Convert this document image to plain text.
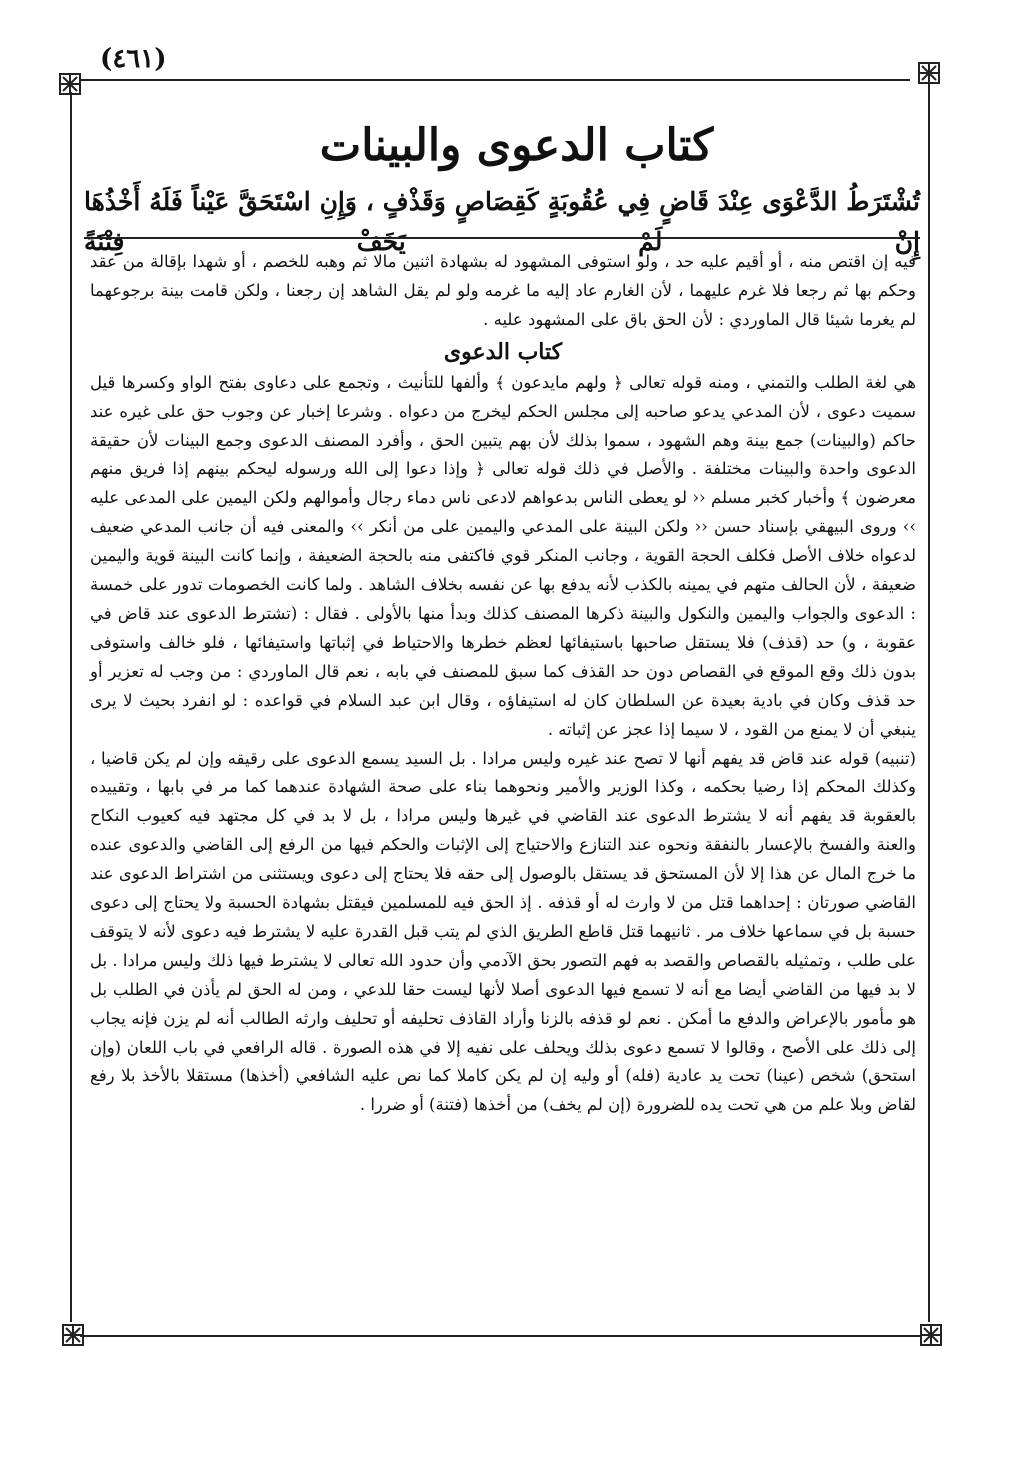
(٤٦١)
كتاب الدعوى والبينات
تُشْتَرَطُ الدَّعْوَى عِنْدَ قَاضٍ فِي عُقُوبَةٍ كَقِصَاصٍ وَقَذْفٍ ، وَإِنِ اسْتَحَقَّ عَيْناً فَلَهُ أَخْذُهَا إِنْ لَمْ يَخَفْ فِتْنَةً

فيه إن اقتص منه ، أو أقيم عليه حد ، ولو استوفى المشهود له بشهادة اثنين مالا ثم وهبه للخصم ، أو شهدا بإقالة من عقد وحكم بها ثم رجعا فلا غرم عليهما ، لأن الغارم عاد إليه ما غرمه ولو لم يقل الشاهد إن رجعنا ، ولكن قامت بينة برجوعهما لم يغرما شيئا قال الماوردي : لأن الحق باق على المشهود عليه .

كتاب الدعوى

هي لغة الطلب والتمني ، ومنه قوله تعالى ﴿ ولهم مايدعون ﴾ وألفها للتأنيث ، وتجمع على دعاوى بفتح الواو وكسرها قيل سميت دعوى ، لأن المدعي يدعو صاحبه إلى مجلس الحكم ليخرج من دعواه . وشرعا إخبار عن وجوب حق على غيره عند حاكم (والبينات) جمع بينة وهم الشهود ، سموا بذلك لأن بهم يتبين الحق ، وأفرد المصنف الدعوى وجمع البينات لأن حقيقة الدعوى واحدة والبينات مختلفة . والأصل في ذلك قوله تعالى ﴿ وإذا دعوا إلى الله ورسوله ليحكم بينهم إذا فريق منهم معرضون ﴾ وأخبار كخبر مسلم ‹‹ لو يعطى الناس بدعواهم لادعى ناس دماء رجال وأموالهم ولكن اليمين على المدعى عليه ›› وروى البيهقي بإسناد حسن ‹‹ ولكن البينة على المدعي واليمين على من أنكر ›› والمعنى فيه أن جانب المدعي ضعيف لدعواه خلاف الأصل فكلف الحجة القوية ، وجانب المنكر قوي فاكتفى منه بالحجة الضعيفة ، وإنما كانت البينة قوية واليمين ضعيفة ، لأن الحالف متهم في يمينه بالكذب لأنه يدفع بها عن نفسه بخلاف الشاهد . ولما كانت الخصومات تدور على خمسة : الدعوى والجواب واليمين والنكول والبينة ذكرها المصنف كذلك وبدأ منها بالأولى . فقال : (تشترط الدعوى عند قاض في عقوبة ، و) حد (قذف) فلا يستقل صاحبها باستيفائها لعظم خطرها والاحتياط في إثباتها واستيفائها ، فلو خالف واستوفى بدون ذلك وقع الموقع في القصاص دون حد القذف كما سبق للمصنف في بابه ، نعم قال الماوردي : من وجب له تعزير أو حد قذف وكان في بادية بعيدة عن السلطان كان له استيفاؤه ، وقال ابن عبد السلام في قواعده : لو انفرد بحيث لا يرى ينبغي أن لا يمنع من القود ، لا سيما إذا عجز عن إثباته .

(تنبيه) قوله عند قاض قد يفهم أنها لا تصح عند غيره وليس مرادا . بل السيد يسمع الدعوى على رقيقه وإن لم يكن قاضيا ، وكذلك المحكم إذا رضيا بحكمه ، وكذا الوزير والأمير ونحوهما بناء على صحة الشهادة عندهما كما مر في بابها ، وتقييده بالعقوبة قد يفهم أنه لا يشترط الدعوى عند القاضي في غيرها وليس مرادا ، بل لا بد في كل مجتهد فيه كعيوب النكاح والعنة والفسخ بالإعسار بالنفقة ونحوه عند التنازع والاحتياج إلى الإثبات والحكم فيها من الرفع إلى القاضي والدعوى عنده ما خرج المال عن هذا إلا لأن المستحق قد يستقل بالوصول إلى حقه فلا يحتاج إلى دعوى ويستثنى من اشتراط الدعوى عند القاضي صورتان : إحداهما قتل من لا وارث له أو قذفه . إذ الحق فيه للمسلمين فيقتل بشهادة الحسبة ولا يحتاج إلى دعوى حسبة بل في سماعها خلاف مر . ثانيهما قتل قاطع الطريق الذي لم يتب قبل القدرة عليه لا يشترط فيه دعوى لأنه لا يتوقف على طلب ، وتمثيله بالقصاص والقصد به فهم التصور بحق الآدمي وأن حدود الله تعالى لا يشترط فيها ذلك وليس مرادا . بل لا بد فيها من القاضي أيضا مع أنه لا تسمع فيها الدعوى أصلا لأنها ليست حقا للدعي ، ومن له الحق لم يأذن في الطلب بل هو مأمور بالإعراض والدفع ما أمكن . نعم لو قذفه بالزنا وأراد القاذف تحليفه أو تحليف وارثه الطالب أنه لم يزن فإنه يجاب إلى ذلك على الأصح ، وقالوا لا تسمع دعوى بذلك ويحلف على نفيه إلا في هذه الصورة . قاله الرافعي في باب اللعان (وإن استحق) شخص (عينا) تحت يد عادية (فله) أو وليه إن لم يكن كاملا كما نص عليه الشافعي (أخذها) مستقلا بالأخذ بلا رفع لقاض وبلا علم من هي تحت يده للضرورة (إن لم يخف) من أخذها (فتنة) أو ضررا .
